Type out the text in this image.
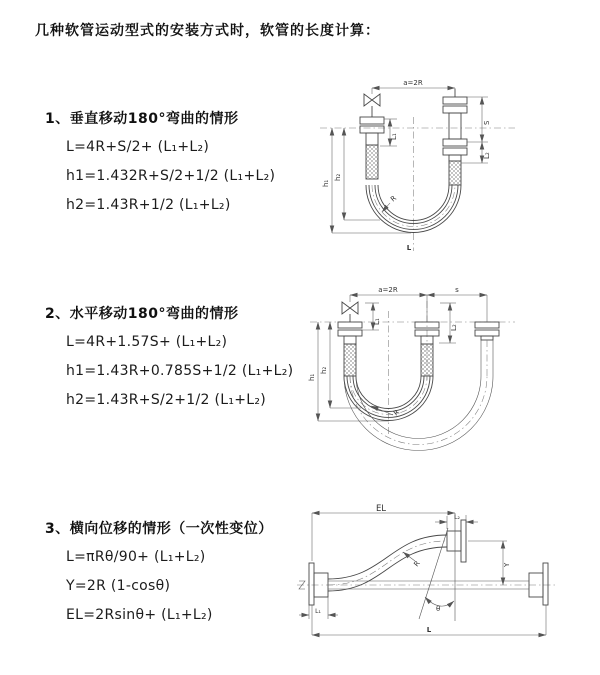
几种软管运动型式的安装方式时，软管的长度计算：
1、垂直移动180°弯曲的情形
L=4R+S/2+ (L₁+L₂)
h1=1.432R+S/2+1/2 (L₁+L₂)
h2=1.43R+1/2 (L₁+L₂)
a=2R
h₁
h₂
L₁
S
L₂
R
L
2、水平移动180°弯曲的情形
L=4R+1.57S+ (L₁+L₂)
h1=1.43R+0.785S+1/2 (L₁+L₂)
h2=1.43R+S/2+1/2 (L₁+L₂)
a=2R	s
h₁
h₂
L₁
L₂
R
3、横向位移的情形（一次性变位）
L=πRθ/90+ (L₁+L₂)
Y=2R (1-cosθ)
EL=2Rsinθ+ (L₁+L₂)
EL
L₂
Y
L
L₁
R
θ
